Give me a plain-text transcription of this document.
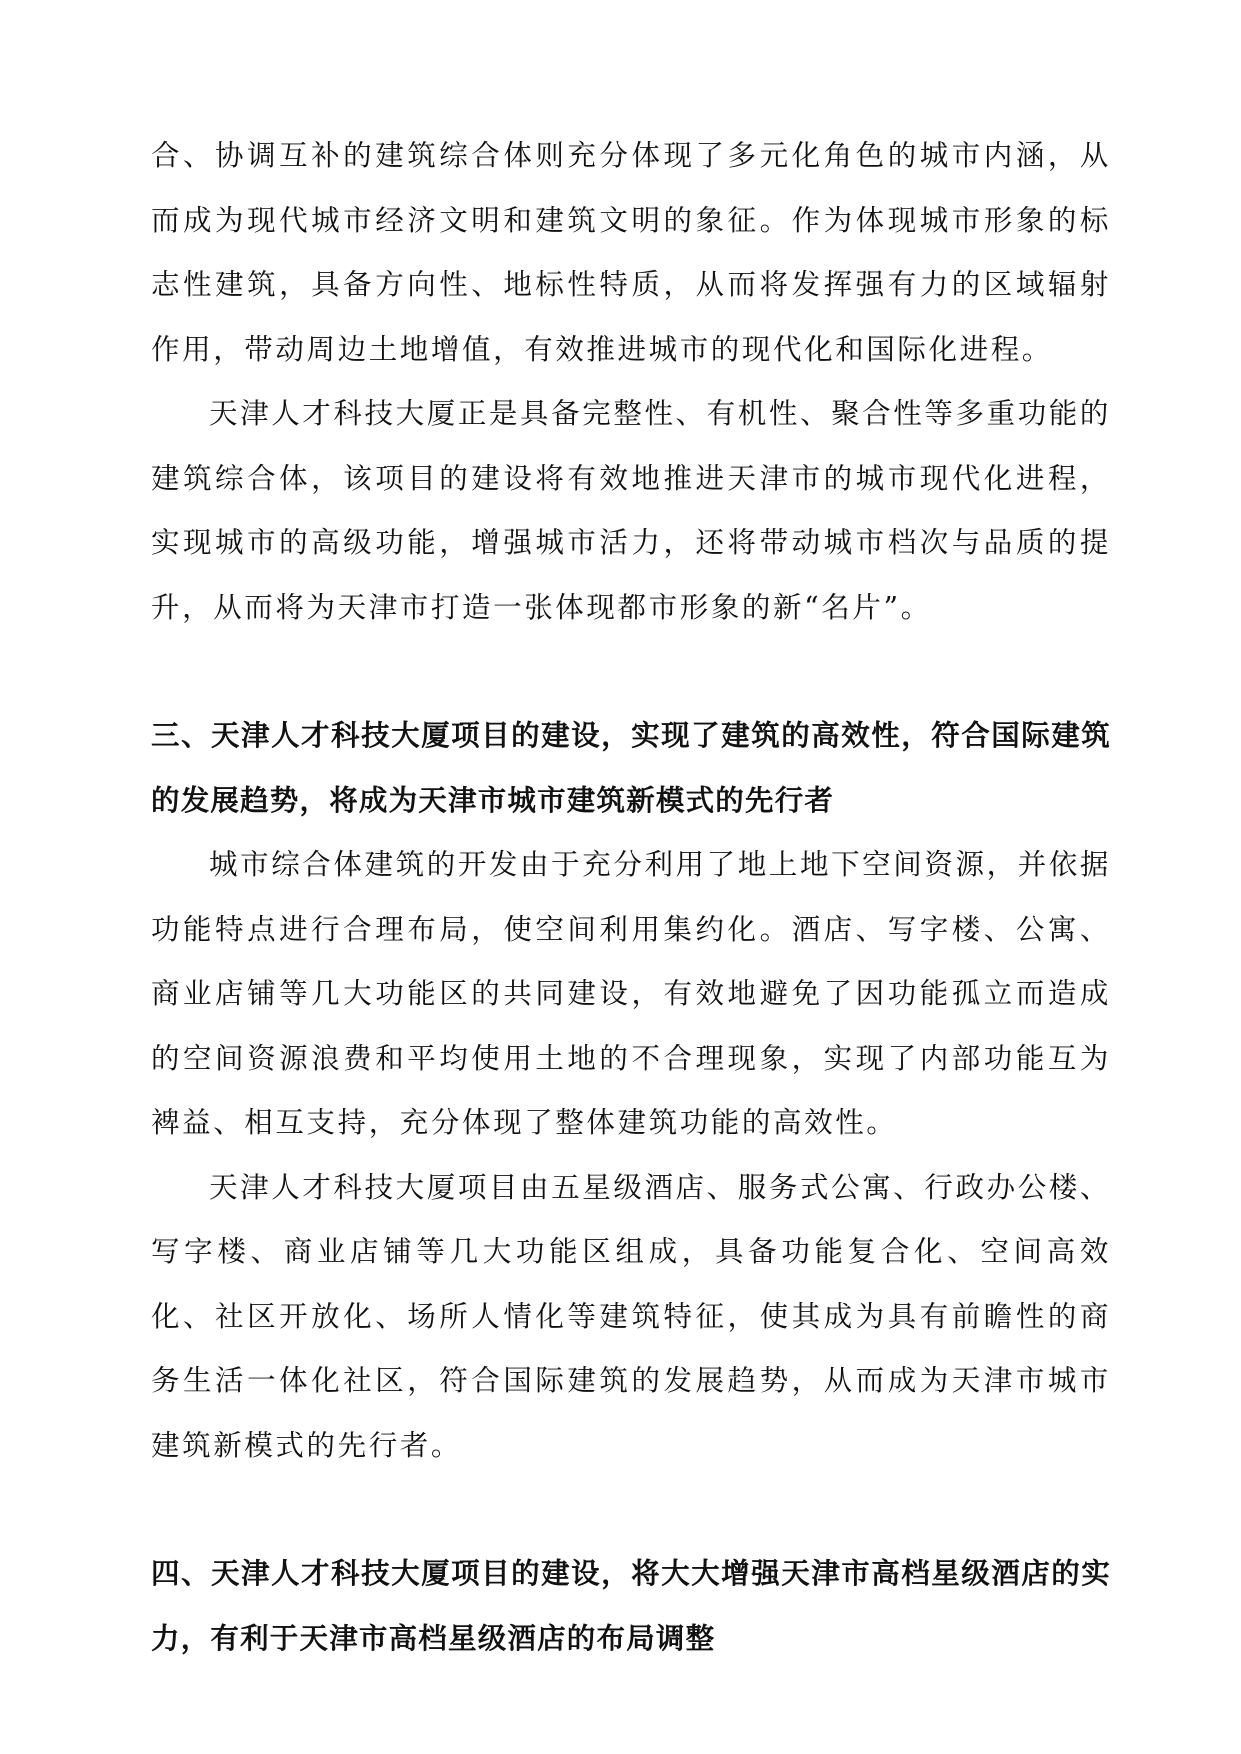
合、协调互补的建筑综合体则充分体现了多元化角色的城市内涵，从而成为现代城市经济文明和建筑文明的象征。作为体现城市形象的标志性建筑，具备方向性、地标性特质，从而将发挥强有力的区域辐射作用，带动周边土地增值，有效推进城市的现代化和国际化进程。

天津人才科技大厦正是具备完整性、有机性、聚合性等多重功能的建筑综合体，该项目的建设将有效地推进天津市的城市现代化进程，实现城市的高级功能，增强城市活力，还将带动城市档次与品质的提升，从而将为天津市打造一张体现都市形象的新“名片”。

三、天津人才科技大厦项目的建设，实现了建筑的高效性，符合国际建筑的发展趋势，将成为天津市城市建筑新模式的先行者

城市综合体建筑的开发由于充分利用了地上地下空间资源，并依据功能特点进行合理布局，使空间利用集约化。酒店、写字楼、公寓、商业店铺等几大功能区的共同建设，有效地避免了因功能孤立而造成的空间资源浪费和平均使用土地的不合理现象，实现了内部功能互为裨益、相互支持，充分体现了整体建筑功能的高效性。

天津人才科技大厦项目由五星级酒店、服务式公寓、行政办公楼、写字楼、商业店铺等几大功能区组成，具备功能复合化、空间高效化、社区开放化、场所人情化等建筑特征，使其成为具有前瞻性的商务生活一体化社区，符合国际建筑的发展趋势，从而成为天津市城市建筑新模式的先行者。

四、天津人才科技大厦项目的建设，将大大增强天津市高档星级酒店的实力，有利于天津市高档星级酒店的布局调整
